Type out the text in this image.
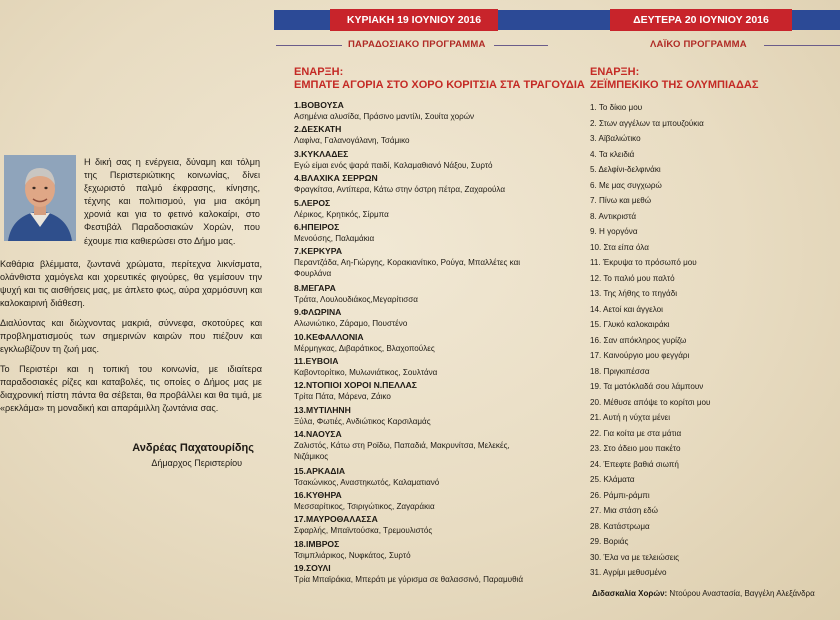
Η δική σας η ενέργεια, δύναμη και τόλμη της Περιστεριώτικης κοινωνίας, δίνει ξεχωριστό παλμό έκφρασης, κίνησης, τέχνης και πολιτισμού, για μια ακόμη χρονιά και για το φετινό καλοκαίρι, στο Φεστιβάλ Παραδοσιακών Χορών, που έχουμε πια καθιερώσει στο Δήμο μας.
Καθάρια βλέμματα, ζωντανά χρώματα, περίτεχνα λικνίσματα, ολάνθιστα χαμόγελα και χορευτικές φιγούρες, θα γεμίσουν την ψυχή και τις αισθήσεις μας, με άπλετο φως, αύρα χαρμόσυνη και καλοκαιρινή διάθεση.
Διαλύοντας και διώχνοντας μακριά, σύννεφα, σκοτούρες και προβληματισμούς των σημερινών καιρών που πιέζουν και εγκλωβίζουν τη ζωή μας.
Το Περιστέρι και η τοπική του κοινωνία, με ιδιαίτερα παραδοσιακές ρίζες και καταβολές, τις οποίες ο Δήμος μας με διαχρονική πίστη πάντα θα σέβεται, θα προβάλλει και θα τιμά, με «ρεκλάμα» τη μοναδική και απαράμιλλη ζωντάνια σας.
Ανδρέας Παχατουρίδης
Δήμαρχος Περιστερίου
ΚΥΡΙΑΚΗ 19 ΙΟΥΝΙΟΥ 2016	ΔΕΥΤΕΡΑ 20 ΙΟΥΝΙΟΥ 2016
ΠΑΡΑΔΟΣΙΑΚΟ ΠΡΟΓΡΑΜΜΑ	ΛΑΪΚΟ ΠΡΟΓΡΑΜΜΑ
ΕΝΑΡΞΗ:
ΕΜΠΑΤΕ ΑΓΟΡΙΑ ΣΤΟ ΧΟΡΟ ΚΟΡΙΤΣΙΑ ΣΤΑ ΤΡΑΓΟΥΔΙΑ
1.ΒΟΒΟΥΣΑ
Ασημένια αλυσίδα, Πράσινο μαντίλι, Σουίτα χορών
2.ΔΕΣΚΑΤΗ
Λαφίνα, Γαλανογάλανη, Τσάμικο
3.ΚΥΚΛΑΔΕΣ
Εγώ είμαι ενός ψαρά παιδί, Καλαμαθιανό Νάξου, Συρτό
4.ΒΛΑΧΙΚΑ ΣΕΡΡΩΝ
Φραγκίτσα, Αντίπερα, Κάτω στην όστρη πέτρα, Ζαχαρούλα
5.ΛΕΡΟΣ
Λέρικος, Κρητικός, Σίρμπα
6.ΗΠΕΙΡΟΣ
Μενούσης, Παλαμάκια
7.ΚΕΡΚΥΡΑ
Περαντζάδα, Αη-Γιώργης, Κορακιανίτικο, Ρούγα, Μπαλλέτες και Φουρλάνα
8.ΜΕΓΑΡΑ
Τράτα, Λουλουδιάκος,Μεγαρίτισσα
9.ΦΛΩΡΙΝΑ
Αλωνιώτικο, Ζάραμο, Πουστένο
10.ΚΕΦΑΛΛΟΝΙΑ
Μέρμηγκας, Διβαράτικος, Βλαχοπούλες
11.ΕΥΒΟΙΑ
Καβοντορίτικο, Μυλωνιάτικος, Σουλτάνα
12.ΝΤΟΠΙΟΙ ΧΟΡΟΙ Ν.ΠΕΛΛΑΣ
Τρίτα Πάτα, Μάρενα, Ζάικο
13.ΜΥΤΙΛΗΝΗ
Ξύλα, Φωτιές, Ανδιώτικος Καρσιλαμάς
14.ΝΑΟΥΣΑ
Ζαλιστός, Κάτω στη Ροϊδω, Παπαδιά, Μακρυνίτσα, Μελεκές, Νιζάμικος
15.ΑΡΚΑΔΙΑ
Τσακώνικος, Αναστηκωτός, Καλαματιανό
16.ΚΥΘΗΡΑ
Μεσσαρίτικος, Τσιριγώτικος, Ζαγαράκια
17.ΜΑΥΡΟΘΑΛΑΣΣΑ
Σφαρλής, Μπαϊντούσκα, Τρεμουλιστός
18.ΙΜΒΡΟΣ
Τσιμπλιάρικος, Νυφκάτος, Συρτό
19.ΣΟΥΛΙ
Τρία Μπαϊράκια, Μπεράτι με γύρισμα σε θαλασσινό, Παραμυθιά
ΕΝΑΡΞΗ:
ΖΕΪΜΠΕΚΙΚΟ ΤΗΣ ΟΛΥΜΠΙΑΔΑΣ
1. Το δίκιο μου
2. Στων αγγέλων τα μπουζούκια
3. Αϊβαλιώτικο
4. Τα κλειδιά
5. Δελφίνι-δελφινάκι
6. Με μας συγχωρώ
7. Πίνω και μεθώ
8. Αντικριστά
9. Η γοργόνα
10. Στα είπα όλα
11. Έκρυψα το πρόσωπό μου
12. Το παλιό μου παλτό
13. Της λήθης το πηγάδι
14. Αετοί και άγγελοι
15. Γλυκό καλοκαιράκι
16. Σαν απόκληρος γυρίζω
17. Καινούργιο μου φεγγάρι
18. Πριγκιπέσσα
19. Τα ματόκλαδά σου λάμπουν
20. Μέθυσε απόψε το κορίτσι μου
21. Αυτή η νύχτα μένει
22. Για κοίτα με στα μάτια
23. Στο άδειο μου πακέτο
24. Έπεφτε βαθιά σιωπή
25. Κλάματα
26. Ράμπι-ράμπι
27. Μια στάση εδώ
28. Κατάστρωμα
29. Βοριάς
30. Έλα να με τελειώσεις
31. Αγρίμι μεθυσμένο
Διδασκαλία Χορών: Ντούρου Αναστασία, Βαγγέλη Αλεξάνδρα
